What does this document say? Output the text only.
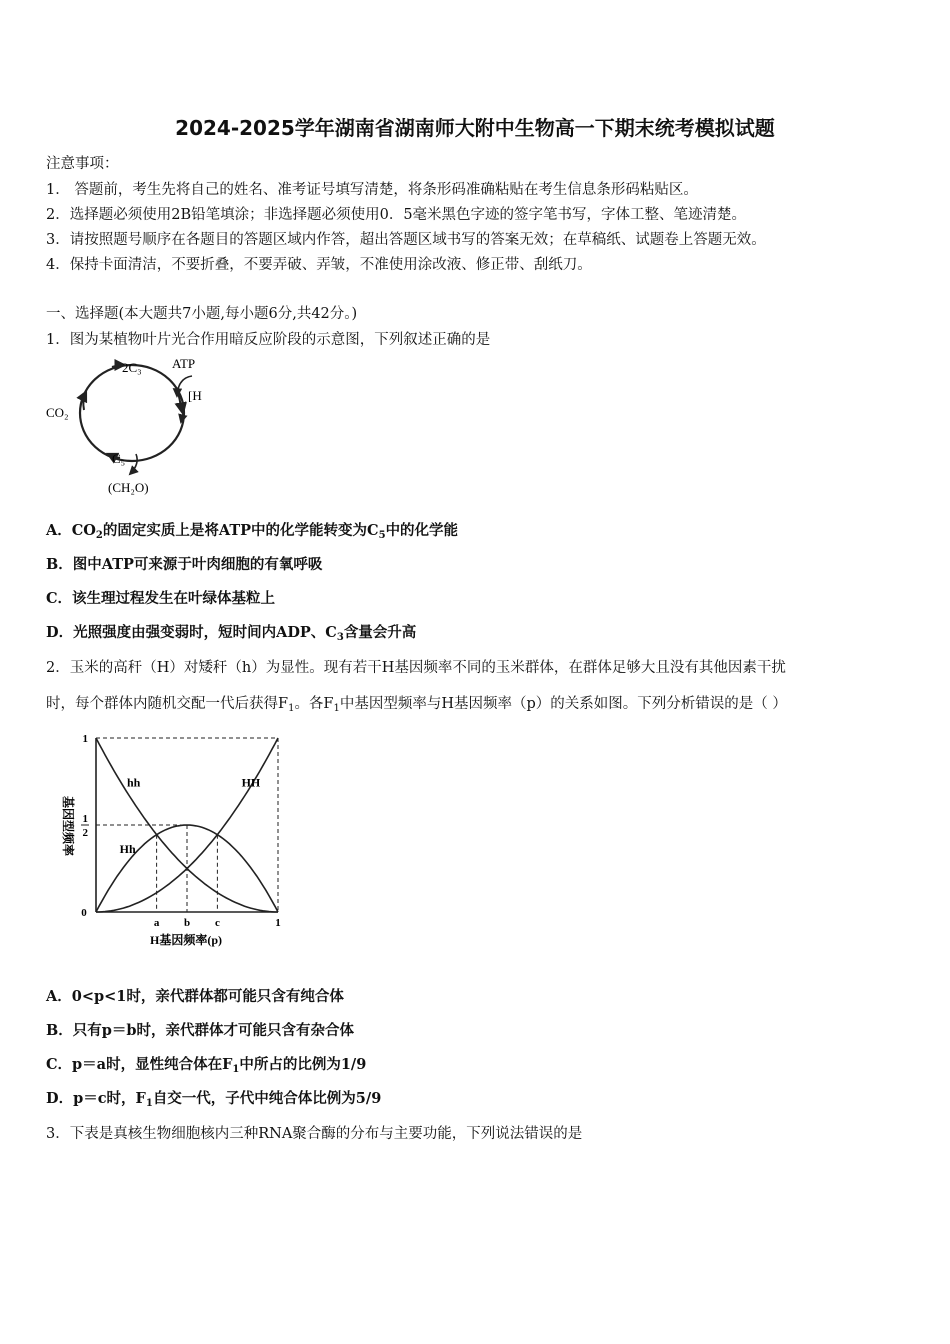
2024-2025学年湖南省湖南师大附中生物高一下期末统考模拟试题
注意事项：
1． 答题前，考生先将自己的姓名、准考证号填写清楚，将条形码准确粘贴在考生信息条形码粘贴区。
2．选择题必须使用2B铅笔填涂；非选择题必须使用0．5毫米黑色字迹的签字笔书写，字体工整、笔迹清楚。
3．请按照题号顺序在各题目的答题区域内作答，超出答题区域书写的答案无效；在草稿纸、试题卷上答题无效。
4．保持卡面清洁，不要折叠，不要弄破、弄皱，不准使用涂改液、修正带、刮纸刀。
一、选择题(本大题共7小题,每小题6分,共42分。)
1．图为某植物叶片光合作用暗反应阶段的示意图，下列叙述正确的是
CO₂
2C₃ ATP
[H
C₅
(CH₂O)
A．$CO_2$的固定实质上是将ATP中的化学能转变为$C_5$中的化学能
B．图中ATP可来源于叶肉细胞的有氧呼吸
C．该生理过程发生在叶绿体基粒上
D．光照强度由强变弱时，短时间内ADP、$C_3$含量会升高
2．玉米的高秆（H）对矮秆（h）为显性。现有若干H基因频率不同的玉米群体，在群体足够大且没有其他因素干扰
时，每个群体内随机交配一代后获得$F_1$。各$F_1$中基因型频率与H基因频率（p）的关系如图。下列分析错误的是（ ）
基因型频率
H基因频率(p)
hh
Hh
HH
0
a b c	1
1
1
2
A．0<p<1时，亲代群体都可能只含有纯合体
B．只有p＝b时，亲代群体才可能只含有杂合体
C．p＝a时，显性纯合体在$F_1$中所占的比例为1/9
D．p＝c时，$F_1$自交一代，子代中纯合体比例为5/9
3．下表是真核生物细胞核内三种RNA聚合酶的分布与主要功能，下列说法错误的是
